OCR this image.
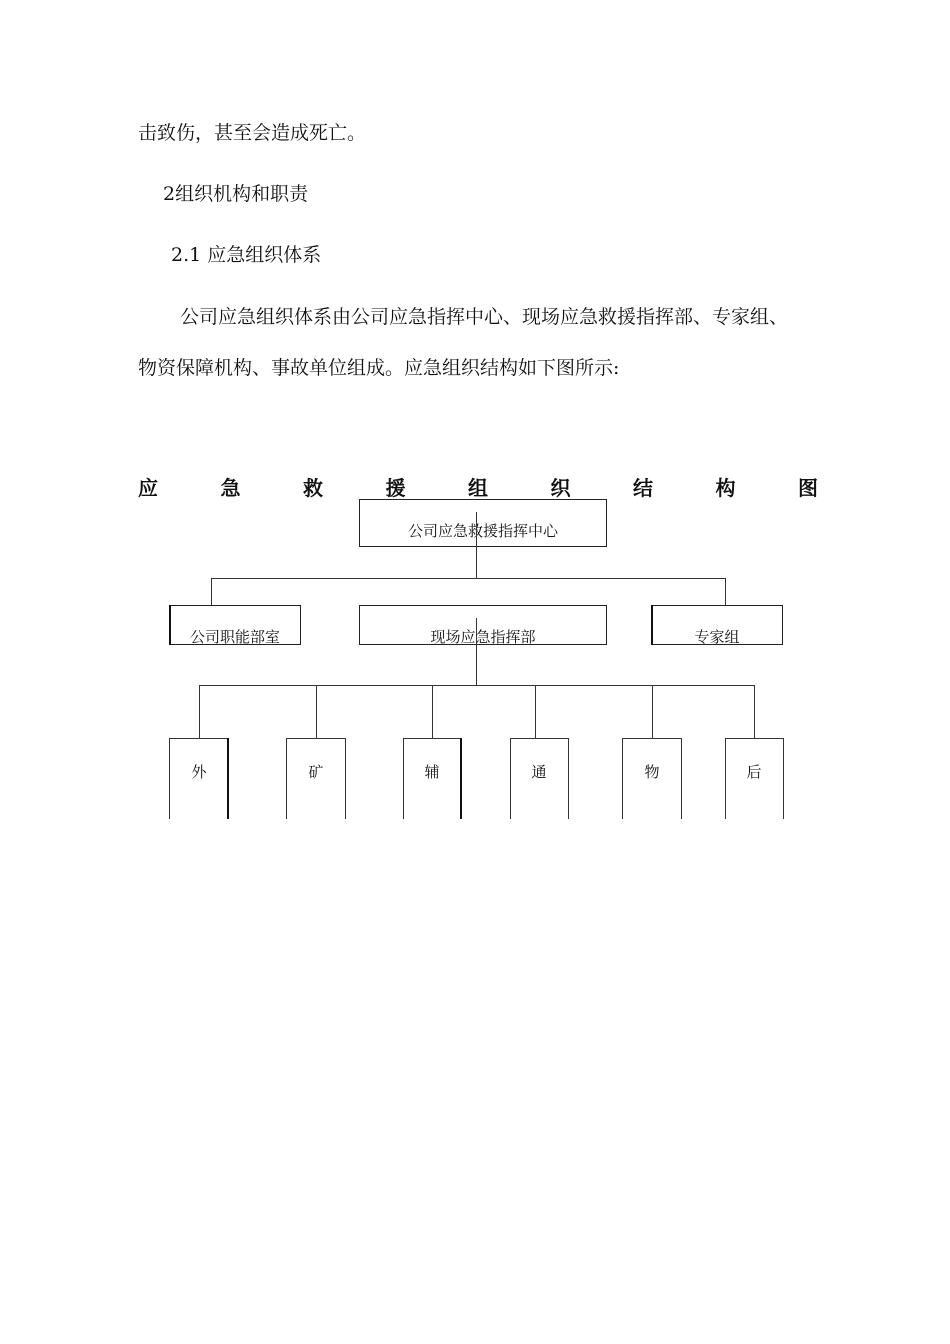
击致伤，甚至会造成死亡。
2组织机构和职责
2.1 应急组织体系
公司应急组织体系由公司应急指挥中心、现场应急救援指挥部、专家组、
物资保障机构、事故单位组成。应急组织结构如下图所示:
应	急	救	援	组	织	结	构	图
公司应急救援指挥中心
公司职能部室	现场应急指挥部	专家组
外	矿	辅	通	物	后
